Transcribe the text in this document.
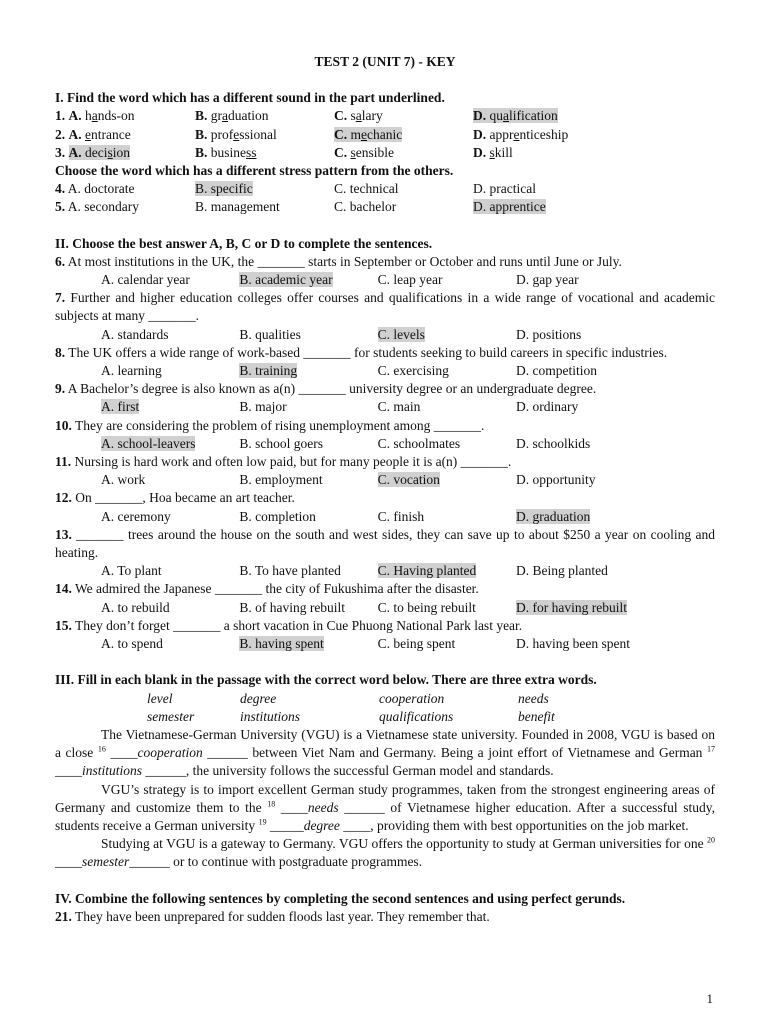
TEST 2 (UNIT 7) - KEY
I. Find the word which has a different sound in the part underlined.
1. A. hands-on	B. graduation	C. salary	D. qualification
2. A. entrance	B. professional	C. mechanic	D. apprenticeship
3. A. decision	B. business	C. sensible	D. skill
Choose the word which has a different stress pattern from the others.
4. A. doctorate	B. specific	C. technical	D. practical
5. A. secondary	B. management	C. bachelor	D. apprentice
II. Choose the best answer A, B, C or D to complete the sentences.
6. At most institutions in the UK, the _______ starts in September or October and runs until June or July.
A. calendar year	B. academic year	C. leap year	D. gap year
7. Further and higher education colleges offer courses and qualifications in a wide range of vocational and academic subjects at many _______.
A. standards	B. qualities	C. levels	D. positions
8. The UK offers a wide range of work-based _______ for students seeking to build careers in specific industries.
A. learning	B. training	C. exercising	D. competition
9. A Bachelor’s degree is also known as a(n) _______ university degree or an undergraduate degree.
A. first	B. major	C. main	D. ordinary
10. They are considering the problem of rising unemployment among _______.
A. school-leavers	B. school goers	C. schoolmates	D. schoolkids
11. Nursing is hard work and often low paid, but for many people it is a(n) _______.
A. work	B. employment	C. vocation	D. opportunity
12. On _______, Hoa became an art teacher.
A. ceremony	B. completion	C. finish	D. graduation
13. _______ trees around the house on the south and west sides, they can save up to about $250 a year on cooling and heating.
A. To plant	B. To have planted	C. Having planted	D. Being planted
14. We admired the Japanese _______ the city of Fukushima after the disaster.
A. to rebuild	B. of having rebuilt	C. to being rebuilt	D. for having rebuilt
15. They don’t forget _______ a short vacation in Cue Phuong National Park last year.
A. to spend	B. having spent	C. being spent	D. having been spent
III. Fill in each blank in the passage with the correct word below. There are three extra words.
level	degree	cooperation	needs
semester	institutions	qualifications	benefit
The Vietnamese-German University (VGU) is a Vietnamese state university. Founded in 2008, VGU is based on a close $^{16}$ ____cooperation ______ between Viet Nam and Germany. Being a joint effort of Vietnamese and German $^{17}$ ____institutions ______, the university follows the successful German model and standards.
VGU’s strategy is to import excellent German study programmes, taken from the strongest engineering areas of Germany and customize them to the $^{18}$ ____needs ______ of Vietnamese higher education. After a successful study, students receive a German university $^{19}$ _____degree ____, providing them with best opportunities on the job market.
Studying at VGU is a gateway to Germany. VGU offers the opportunity to study at German universities for one $^{20}$ ____semester______ or to continue with postgraduate programmes.
IV. Combine the following sentences by completing the second sentences and using perfect gerunds.
21. They have been unprepared for sudden floods last year. They remember that.
1
